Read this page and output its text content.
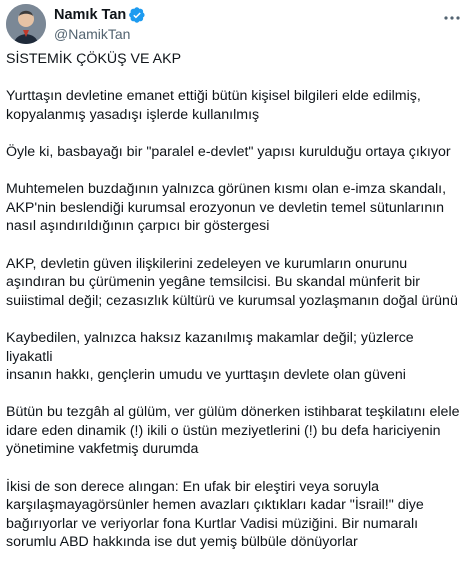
Namık Tan
@NamikTan

SİSTEMİK ÇÖKÜŞ VE AKP

Yurttaşın devletine emanet ettiği bütün kişisel bilgileri elde edilmiş,
kopyalanmış yasadışı işlerde kullanılmış

Öyle ki, basbayağı bir "paralel e-devlet" yapısı kurulduğu ortaya çıkıyor

Muhtemelen buzdağının yalnızca görünen kısmı olan e-imza skandalı,
AKP'nin beslendiği kurumsal erozyonun ve devletin temel sütunlarının
nasıl aşındırıldığının çarpıcı bir göstergesi

AKP, devletin güven ilişkilerini zedeleyen ve kurumların onurunu
aşındıran bu çürümenin yegâne temsilcisi. Bu skandal münferit bir
suiistimal değil; cezasızlık kültürü ve kurumsal yozlaşmanın doğal ürünü

Kaybedilen, yalnızca haksız kazanılmış makamlar değil; yüzlerce liyakatli
insanın hakkı, gençlerin umudu ve yurttaşın devlete olan güveni

Bütün bu tezgâh al gülüm, ver gülüm dönerken istihbarat teşkilatını elele
idare eden dinamik (!) ikili o üstün meziyetlerini (!) bu defa hariciyenin
yönetimine vakfetmiş durumda

İkisi de son derece alıngan: En ufak bir eleştiri veya soruyla
karşılaşmayagörsünler hemen avazları çıktıkları kadar "İsrail!" diye
bağırıyorlar ve veriyorlar fona Kurtlar Vadisi müziğini. Bir numaralı
sorumlu ABD hakkında ise dut yemiş bülbüle dönüyorlar
